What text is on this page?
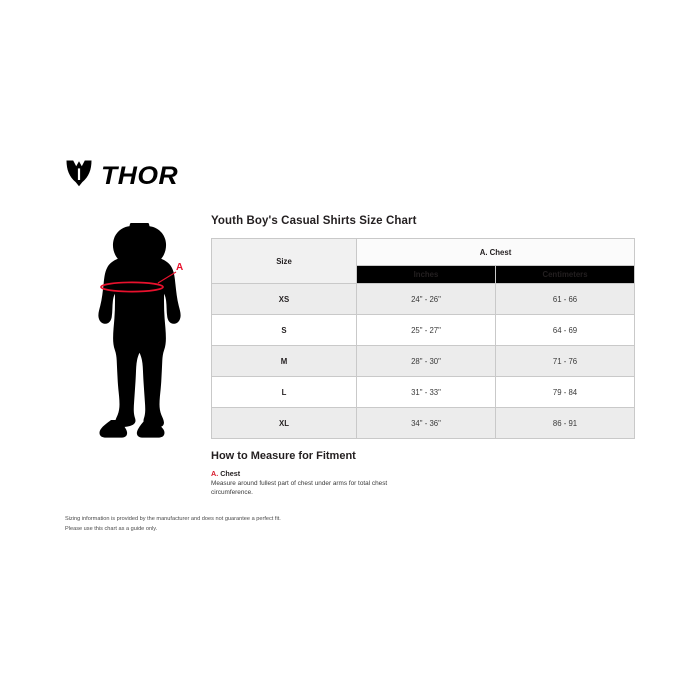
THOR
A
Youth Boy's Casual Shirts Size Chart
Size	A. Chest	
	Inches	Centimeters
XS	24" - 26"	61 - 66
S	25" - 27"	64 - 69
M	28" - 30"	71 - 76
L	31" - 33"	79 - 84
XL	34" - 36"	86 - 91
How to Measure for Fitment

A. Chest

Measure around fullest part of chest under arms for total chest circumference.

Sizing information is provided by the manufacturer and does not guarantee a perfect fit.

Please use this chart as a guide only.
